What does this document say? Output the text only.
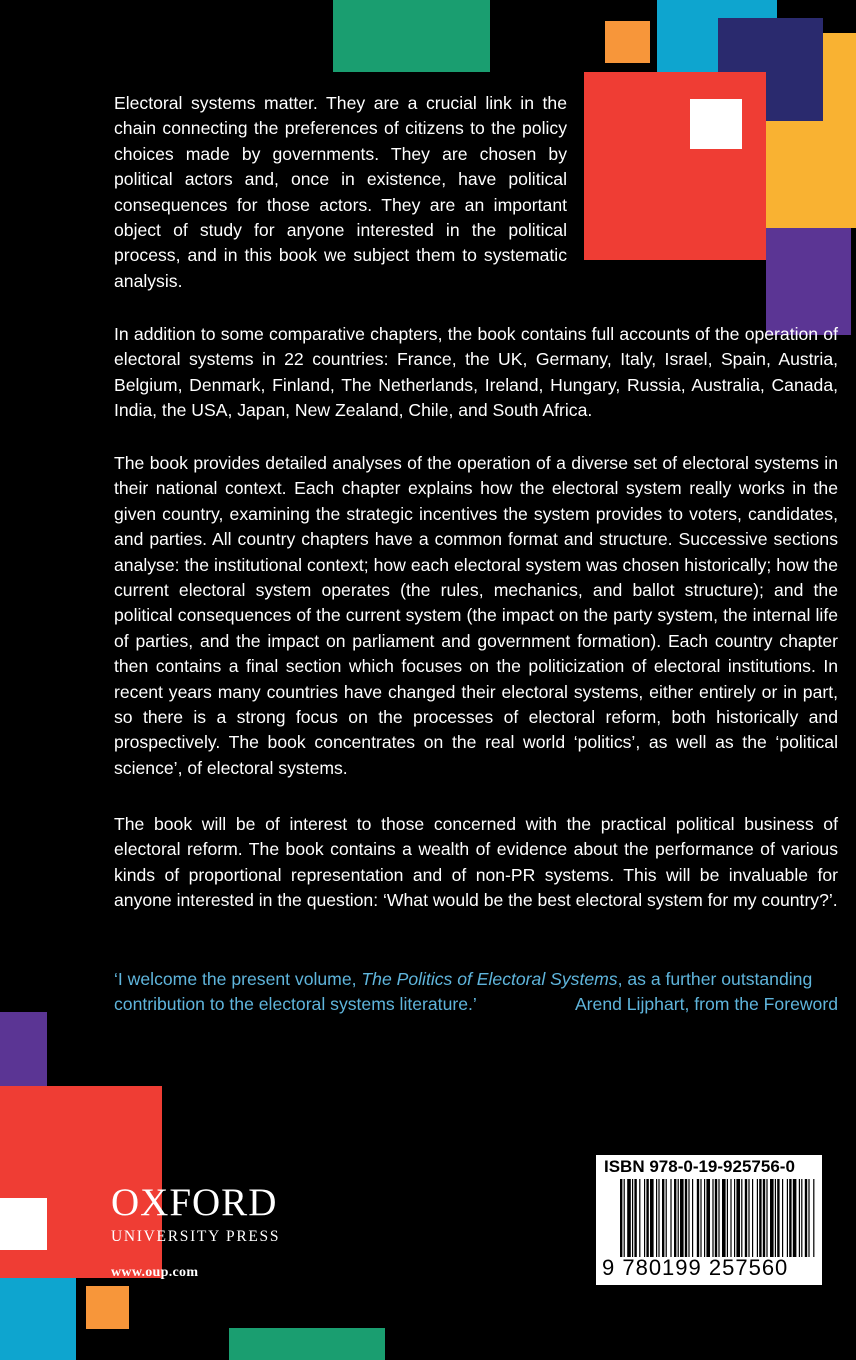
Electoral systems matter. They are a crucial link in the chain connecting the preferences of citizens to the policy choices made by governments. They are chosen by political actors and, once in existence, have political consequences for those actors. They are an important object of study for anyone interested in the political process, and in this book we subject them to systematic analysis.

In addition to some comparative chapters, the book contains full accounts of the operation of electoral systems in 22 countries: France, the UK, Germany, Italy, Israel, Spain, Austria, Belgium, Denmark, Finland, The Netherlands, Ireland, Hungary, Russia, Australia, Canada, India, the USA, Japan, New Zealand, Chile, and South Africa.

The book provides detailed analyses of the operation of a diverse set of electoral systems in their national context. Each chapter explains how the electoral system really works in the given country, examining the strategic incentives the system provides to voters, candidates, and parties. All country chapters have a common format and structure. Successive sections analyse: the institutional context; how each electoral system was chosen historically; how the current electoral system operates (the rules, mechanics, and ballot structure); and the political consequences of the current system (the impact on the party system, the internal life of parties, and the impact on parliament and government formation). Each country chapter then contains a final section which focuses on the politicization of electoral institutions. In recent years many countries have changed their electoral systems, either entirely or in part, so there is a strong focus on the processes of electoral reform, both historically and prospectively. The book concentrates on the real world ‘politics’, as well as the ‘political science’, of electoral systems.

The book will be of interest to those concerned with the practical political business of electoral reform. The book contains a wealth of evidence about the performance of various kinds of proportional representation and of non-PR systems. This will be invaluable for anyone interested in the question: ‘What would be the best electoral system for my country?’.

‘I welcome the present volume, The Politics of Electoral Systems, as a further outstanding contribution to the electoral systems literature.’	Arend Lijphart, from the Foreword
OXFORD
UNIVERSITY PRESS
www.oup.com
ISBN 978-0-19-925756-0
9 780199 257560
